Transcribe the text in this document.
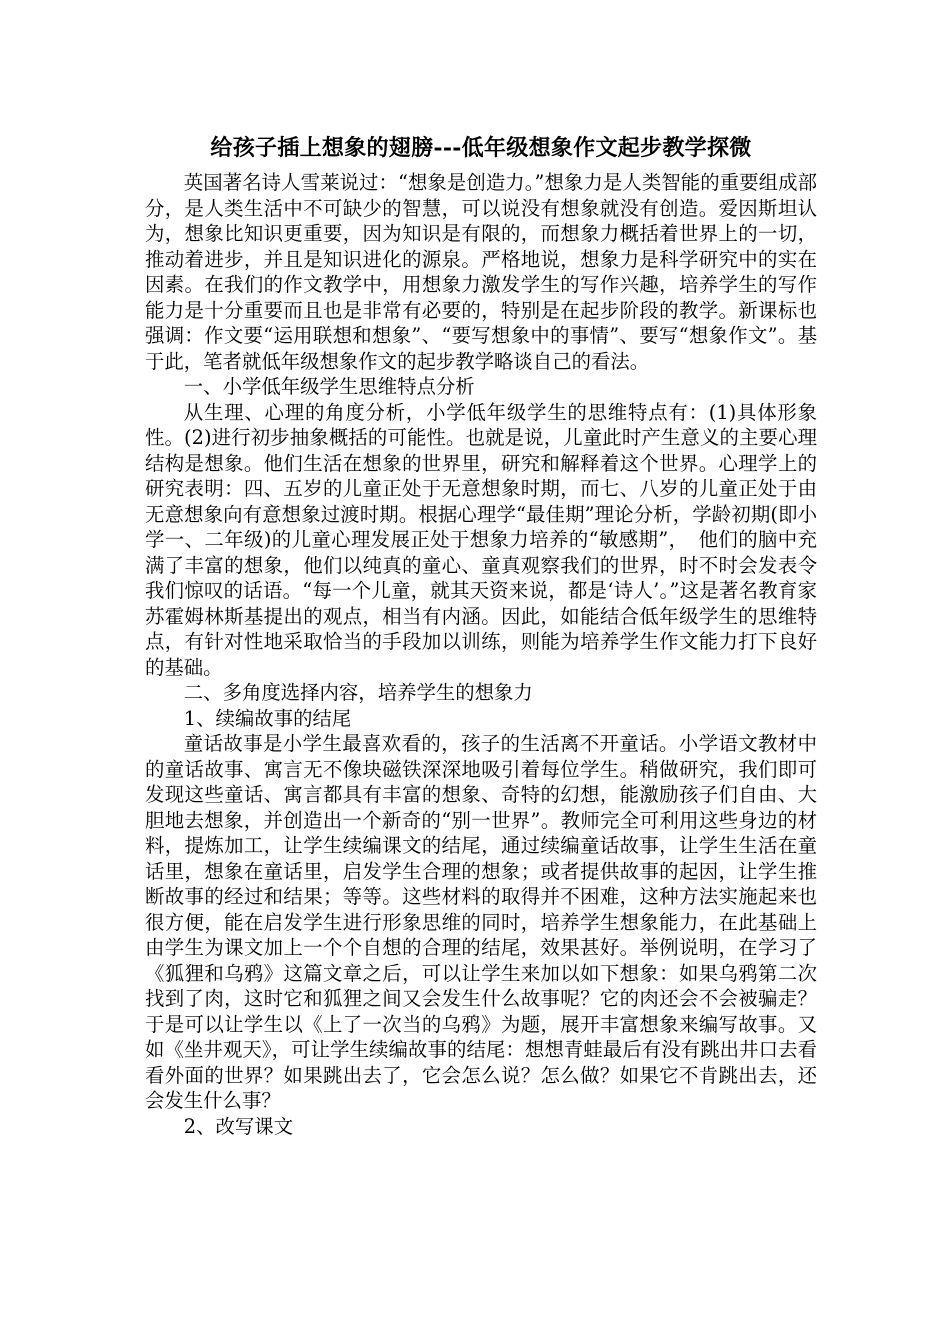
给孩子插上想象的翅膀---低年级想象作文起步教学探微

英国著名诗人雪莱说过：“想象是创造力。”想象力是人类智能的重要组成部分，是人类生活中不可缺少的智慧，可以说没有想象就没有创造。爱因斯坦认为，想象比知识更重要，因为知识是有限的，而想象力概括着世界上的一切，推动着进步，并且是知识进化的源泉。严格地说，想象力是科学研究中的实在因素。在我们的作文教学中，用想象力激发学生的写作兴趣，培养学生的写作能力是十分重要而且也是非常有必要的，特别是在起步阶段的教学。新课标也强调：作文要“运用联想和想象”、“要写想象中的事情”、要写“想象作文”。基于此，笔者就低年级想象作文的起步教学略谈自己的看法。

一、小学低年级学生思维特点分析

从生理、心理的角度分析，小学低年级学生的思维特点有：(1)具体形象性。(2)进行初步抽象概括的可能性。也就是说，儿童此时产生意义的主要心理结构是想象。他们生活在想象的世界里，研究和解释着这个世界。心理学上的研究表明：四、五岁的儿童正处于无意想象时期，而七、八岁的儿童正处于由无意想象向有意想象过渡时期。根据心理学“最佳期”理论分析，学龄初期(即小学一、二年级)的儿童心理发展正处于想象力培养的“敏感期”，　他们的脑中充满了丰富的想象，他们以纯真的童心、童真观察我们的世界，时不时会发表令我们惊叹的话语。“每一个儿童，就其天资来说，都是‘诗人’。”这是著名教育家苏霍姆林斯基提出的观点，相当有内涵。因此，如能结合低年级学生的思维特点，有针对性地采取恰当的手段加以训练，则能为培养学生作文能力打下良好的基础。

二、多角度选择内容，培养学生的想象力

1、续编故事的结尾

童话故事是小学生最喜欢看的，孩子的生活离不开童话。小学语文教材中的童话故事、寓言无不像块磁铁深深地吸引着每位学生。稍做研究，我们即可发现这些童话、寓言都具有丰富的想象、奇特的幻想，能激励孩子们自由、大胆地去想象，并创造出一个新奇的“别一世界”。教师完全可利用这些身边的材料，提炼加工，让学生续编课文的结尾，通过续编童话故事，让学生生活在童话里，想象在童话里，启发学生合理的想象；或者提供故事的起因，让学生推断故事的经过和结果；等等。这些材料的取得并不困难，这种方法实施起来也很方便，能在启发学生进行形象思维的同时，培养学生想象能力，在此基础上由学生为课文加上一个个自想的合理的结尾，效果甚好。举例说明，在学习了《狐狸和乌鸦》这篇文章之后，可以让学生来加以如下想象：如果乌鸦第二次找到了肉，这时它和狐狸之间又会发生什么故事呢？它的肉还会不会被骗走？于是可以让学生以《上了一次当的乌鸦》为题，展开丰富想象来编写故事。又如《坐井观天》，可让学生续编故事的结尾：想想青蛙最后有没有跳出井口去看看外面的世界？如果跳出去了，它会怎么说？怎么做？如果它不肯跳出去，还会发生什么事？

2、改写课文
